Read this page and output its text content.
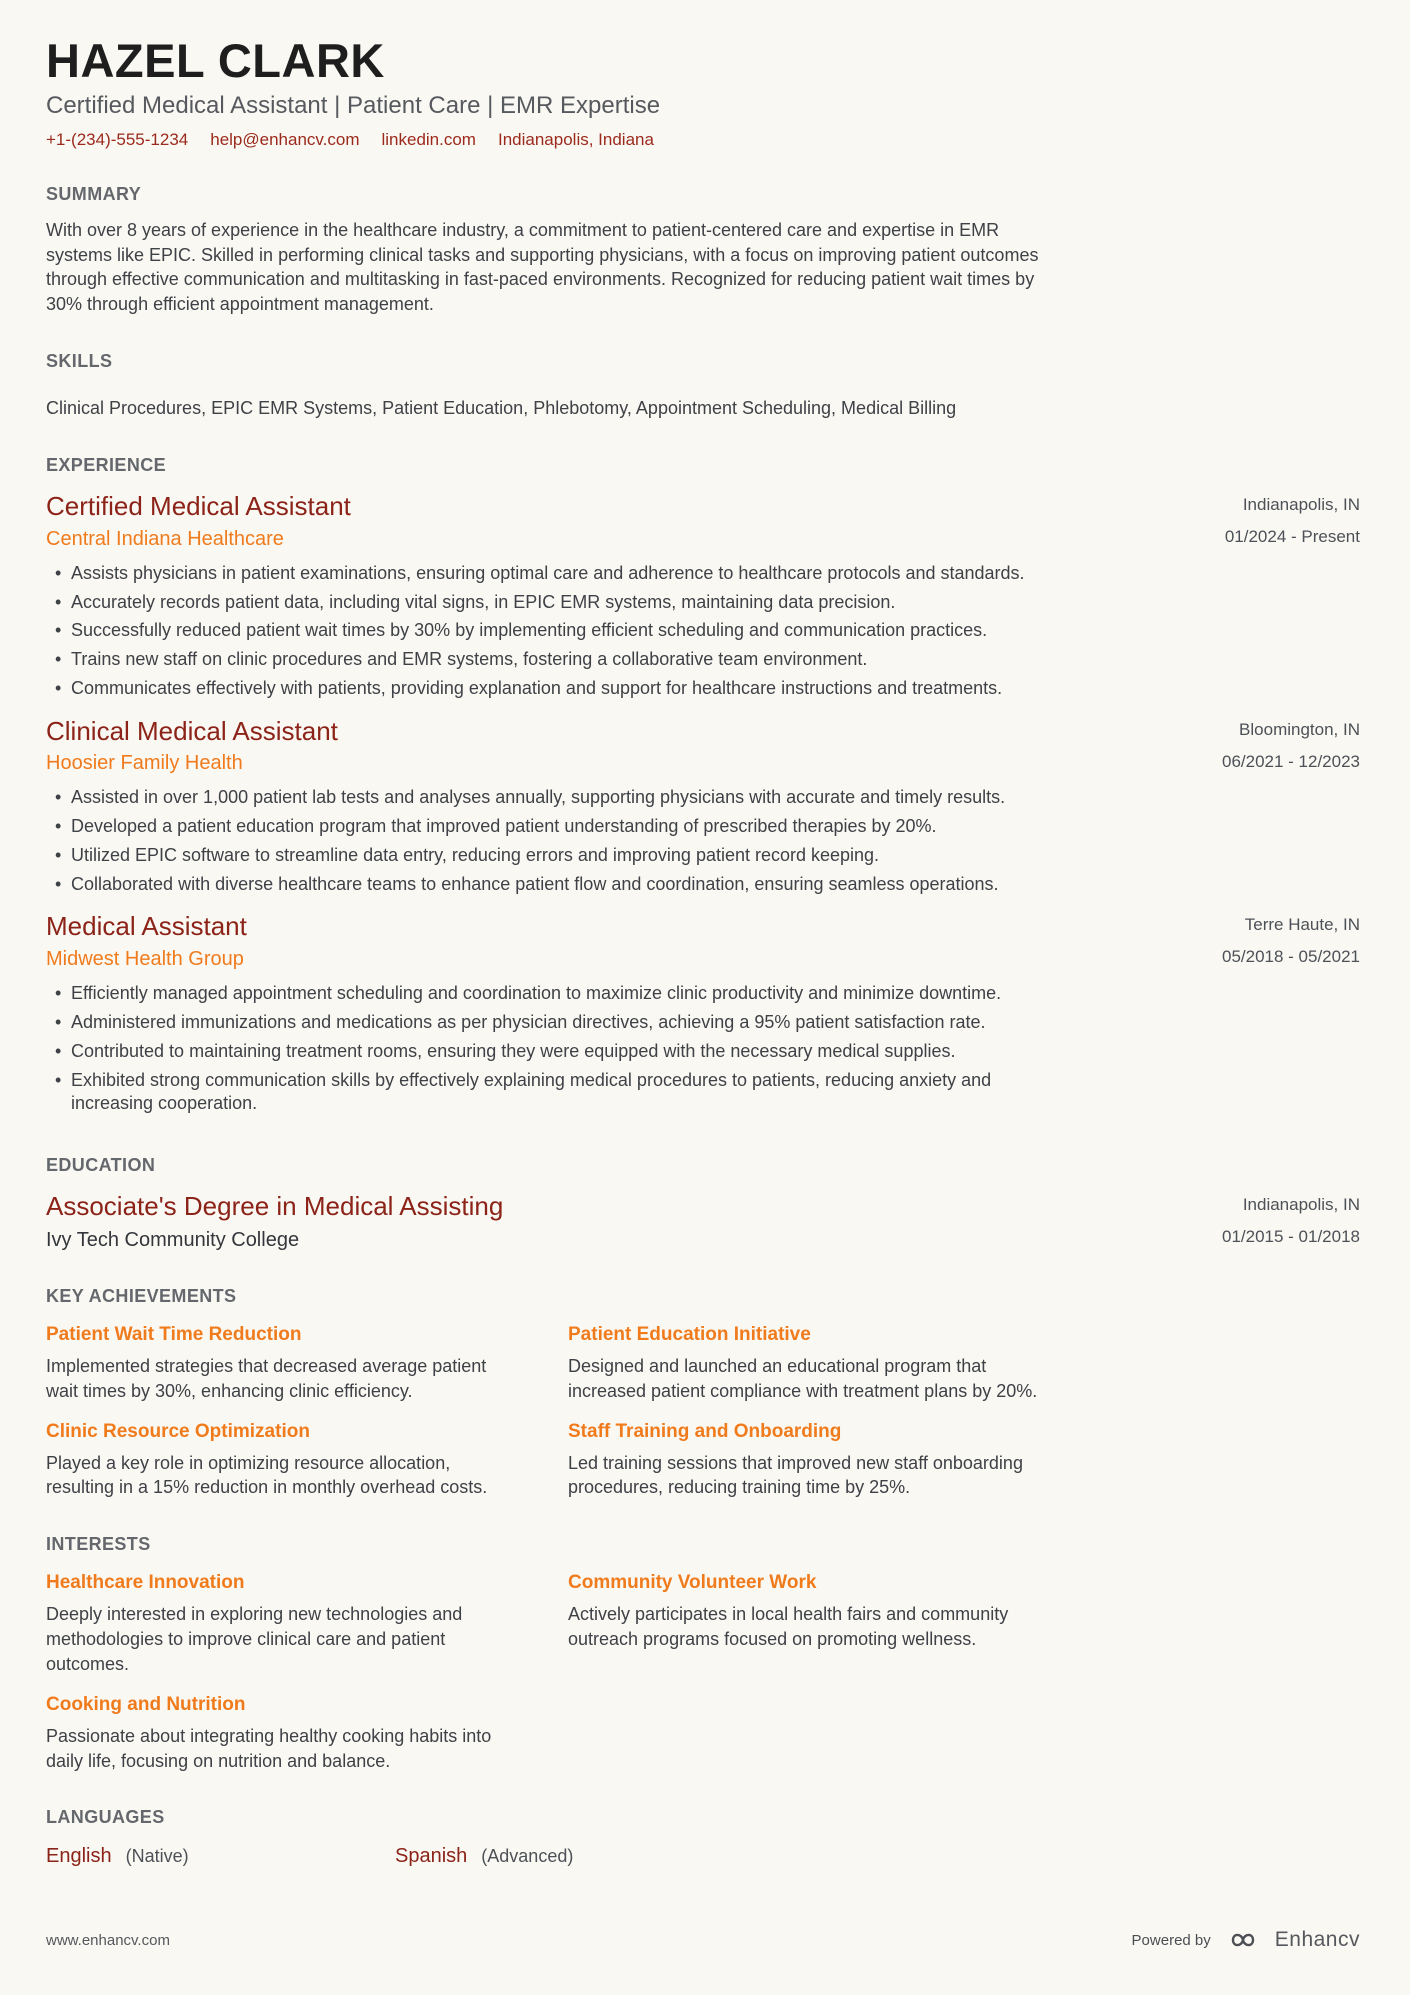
HAZEL CLARK
Certified Medical Assistant | Patient Care | EMR Expertise
+1-(234)-555-1234 help@enhancv.com linkedin.com Indianapolis, Indiana
SUMMARY

With over 8 years of experience in the healthcare industry, a commitment to patient-centered care and expertise in EMR systems like EPIC. Skilled in performing clinical tasks and supporting physicians, with a focus on improving patient outcomes through effective communication and multitasking in fast-paced environments. Recognized for reducing patient wait times by 30% through efficient appointment management.

SKILLS

Clinical Procedures, EPIC EMR Systems, Patient Education, Phlebotomy, Appointment Scheduling, Medical Billing

EXPERIENCE
Certified Medical Assistant
Central Indiana Healthcare
Indianapolis, IN
01/2024 - Present
• Assists physicians in patient examinations, ensuring optimal care and adherence to healthcare protocols and standards.
• Accurately records patient data, including vital signs, in EPIC EMR systems, maintaining data precision.
• Successfully reduced patient wait times by 30% by implementing efficient scheduling and communication practices.
• Trains new staff on clinic procedures and EMR systems, fostering a collaborative team environment.
• Communicates effectively with patients, providing explanation and support for healthcare instructions and treatments.
Clinical Medical Assistant
Hoosier Family Health
Bloomington, IN
06/2021 - 12/2023
• Assisted in over 1,000 patient lab tests and analyses annually, supporting physicians with accurate and timely results.
• Developed a patient education program that improved patient understanding of prescribed therapies by 20%.
• Utilized EPIC software to streamline data entry, reducing errors and improving patient record keeping.
• Collaborated with diverse healthcare teams to enhance patient flow and coordination, ensuring seamless operations.
Medical Assistant
Midwest Health Group
Terre Haute, IN
05/2018 - 05/2021
• Efficiently managed appointment scheduling and coordination to maximize clinic productivity and minimize downtime.
• Administered immunizations and medications as per physician directives, achieving a 95% patient satisfaction rate.
• Contributed to maintaining treatment rooms, ensuring they were equipped with the necessary medical supplies.
• Exhibited strong communication skills by effectively explaining medical procedures to patients, reducing anxiety and increasing cooperation.
EDUCATION
Associate's Degree in Medical Assisting
Ivy Tech Community College
Indianapolis, IN
01/2015 - 01/2018
KEY ACHIEVEMENTS
Patient Wait Time Reduction
Implemented strategies that decreased average patient wait times by 30%, enhancing clinic efficiency.
Patient Education Initiative
Designed and launched an educational program that increased patient compliance with treatment plans by 20%.
Clinic Resource Optimization
Played a key role in optimizing resource allocation, resulting in a 15% reduction in monthly overhead costs.
Staff Training and Onboarding
Led training sessions that improved new staff onboarding procedures, reducing training time by 25%.
INTERESTS
Healthcare Innovation
Deeply interested in exploring new technologies and methodologies to improve clinical care and patient outcomes.
Community Volunteer Work
Actively participates in local health fairs and community outreach programs focused on promoting wellness.
Cooking and Nutrition
Passionate about integrating healthy cooking habits into daily life, focusing on nutrition and balance.
LANGUAGES
English (Native)	Spanish (Advanced)
www.enhancv.com	Powered by	Enhancv
